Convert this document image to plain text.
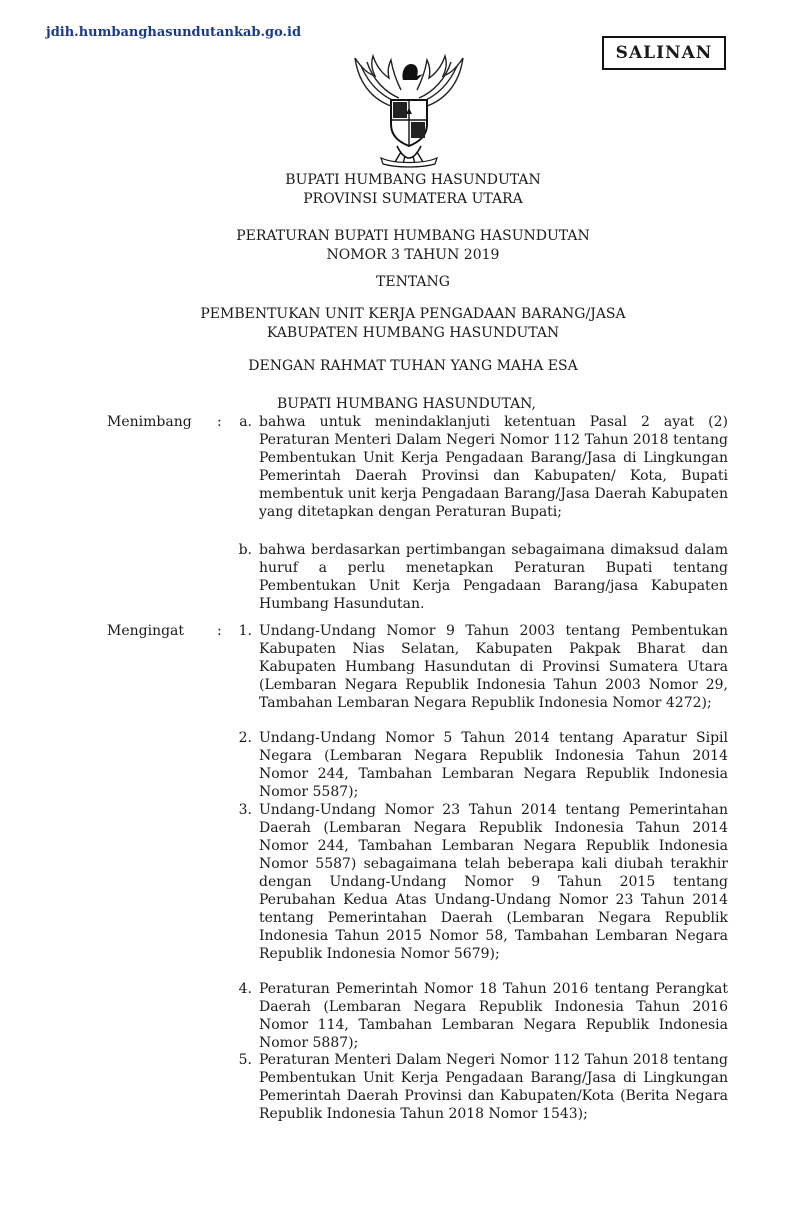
jdih.humbanghasundutankab.go.id
SALINAN
BUPATI HUMBANG HASUNDUTAN
PROVINSI SUMATERA UTARA
PERATURAN BUPATI HUMBANG HASUNDUTAN
NOMOR 3 TAHUN 2019
TENTANG
PEMBENTUKAN UNIT KERJA PENGADAAN BARANG/JASA
KABUPATEN HUMBANG HASUNDUTAN
DENGAN RAHMAT TUHAN YANG MAHA ESA
BUPATI HUMBANG HASUNDUTAN,
Menimbang :	a. bahwa untuk menindaklanjuti ketentuan Pasal 2 ayat (2) Peraturan Menteri Dalam Negeri Nomor 112 Tahun 2018 tentang Pembentukan Unit Kerja Pengadaan Barang/Jasa di Lingkungan Pemerintah Daerah Provinsi dan Kabupaten/ Kota, Bupati membentuk unit kerja Pengadaan Barang/Jasa Daerah Kabupaten yang ditetapkan dengan Peraturan Bupati;
b. bahwa berdasarkan pertimbangan sebagaimana dimaksud dalam huruf a perlu menetapkan Peraturan Bupati tentang Pembentukan Unit Kerja Pengadaan Barang/jasa Kabupaten Humbang Hasundutan.
Mengingat :	1. Undang-Undang Nomor 9 Tahun 2003 tentang Pembentukan Kabupaten Nias Selatan, Kabupaten Pakpak Bharat dan Kabupaten Humbang Hasundutan di Provinsi Sumatera Utara (Lembaran Negara Republik Indonesia Tahun 2003 Nomor 29, Tambahan Lembaran Negara Republik Indonesia Nomor 4272);
2. Undang-Undang Nomor 5 Tahun 2014 tentang Aparatur Sipil Negara (Lembaran Negara Republik Indonesia Tahun 2014 Nomor 244, Tambahan Lembaran Negara Republik Indonesia Nomor 5587);
3. Undang-Undang Nomor 23 Tahun 2014 tentang Pemerintahan Daerah (Lembaran Negara Republik Indonesia Tahun 2014 Nomor 244, Tambahan Lembaran Negara Republik Indonesia Nomor 5587) sebagaimana telah beberapa kali diubah terakhir dengan Undang-Undang Nomor 9 Tahun 2015 tentang Perubahan Kedua Atas Undang-Undang Nomor 23 Tahun 2014 tentang Pemerintahan Daerah (Lembaran Negara Republik Indonesia Tahun 2015 Nomor 58, Tambahan Lembaran Negara Republik Indonesia Nomor 5679);
4. Peraturan Pemerintah Nomor 18 Tahun 2016 tentang Perangkat Daerah (Lembaran Negara Republik Indonesia Tahun 2016 Nomor 114, Tambahan Lembaran Negara Republik Indonesia Nomor 5887);
5. Peraturan Menteri Dalam Negeri Nomor 112 Tahun 2018 tentang Pembentukan Unit Kerja Pengadaan Barang/Jasa di Lingkungan Pemerintah Daerah Provinsi dan Kabupaten/Kota (Berita Negara Republik Indonesia Tahun 2018 Nomor 1543);
